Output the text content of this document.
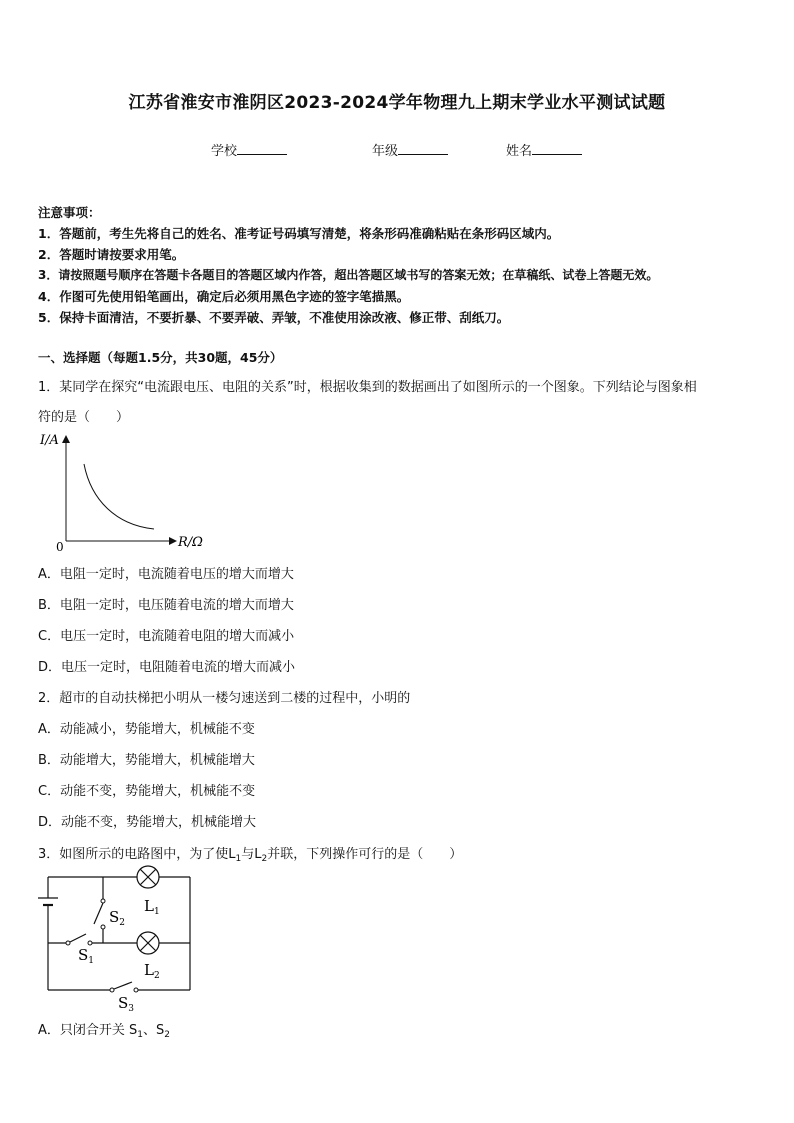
江苏省淮安市淮阴区2023-2024学年物理九上期末学业水平测试试题
学校	年级	姓名
注意事项：
1．答题前，考生先将自己的姓名、准考证号码填写清楚，将条形码准确粘贴在条形码区域内。
2．答题时请按要求用笔。
3．请按照题号顺序在答题卡各题目的答题区域内作答，超出答题区域书写的答案无效；在草稿纸、试卷上答题无效。
4．作图可先使用铅笔画出，确定后必须用黑色字迹的签字笔描黑。
5．保持卡面清洁，不要折暴、不要弄破、弄皱，不准使用涂改液、修正带、刮纸刀。
一、选择题（每题1.5分，共30题，45分）
1．某同学在探究“电流跟电压、电阻的关系”时，根据收集到的数据画出了如图所示的一个图象。下列结论与图象相
符的是（　　）
I/A
R/Ω
0
A．电阻一定时，电流随着电压的增大而增大
B．电阻一定时，电压随着电流的增大而增大
C．电压一定时，电流随着电阻的增大而减小
D．电压一定时，电阻随着电流的增大而减小
2．超市的自动扶梯把小明从一楼匀速送到二楼的过程中，小明的
A．动能减小，势能增大，机械能不变
B．动能增大，势能增大，机械能增大
C．动能不变，势能增大，机械能不变
D．动能不变，势能增大，机械能增大
3．如图所示的电路图中，为了使$L_1$与$L_2$并联，下列操作可行的是（　　）
$L_1$
$S_2$
$S_1$	$L_2$
$S_3$
A．只闭合开关 $S_1$、$S_2$
